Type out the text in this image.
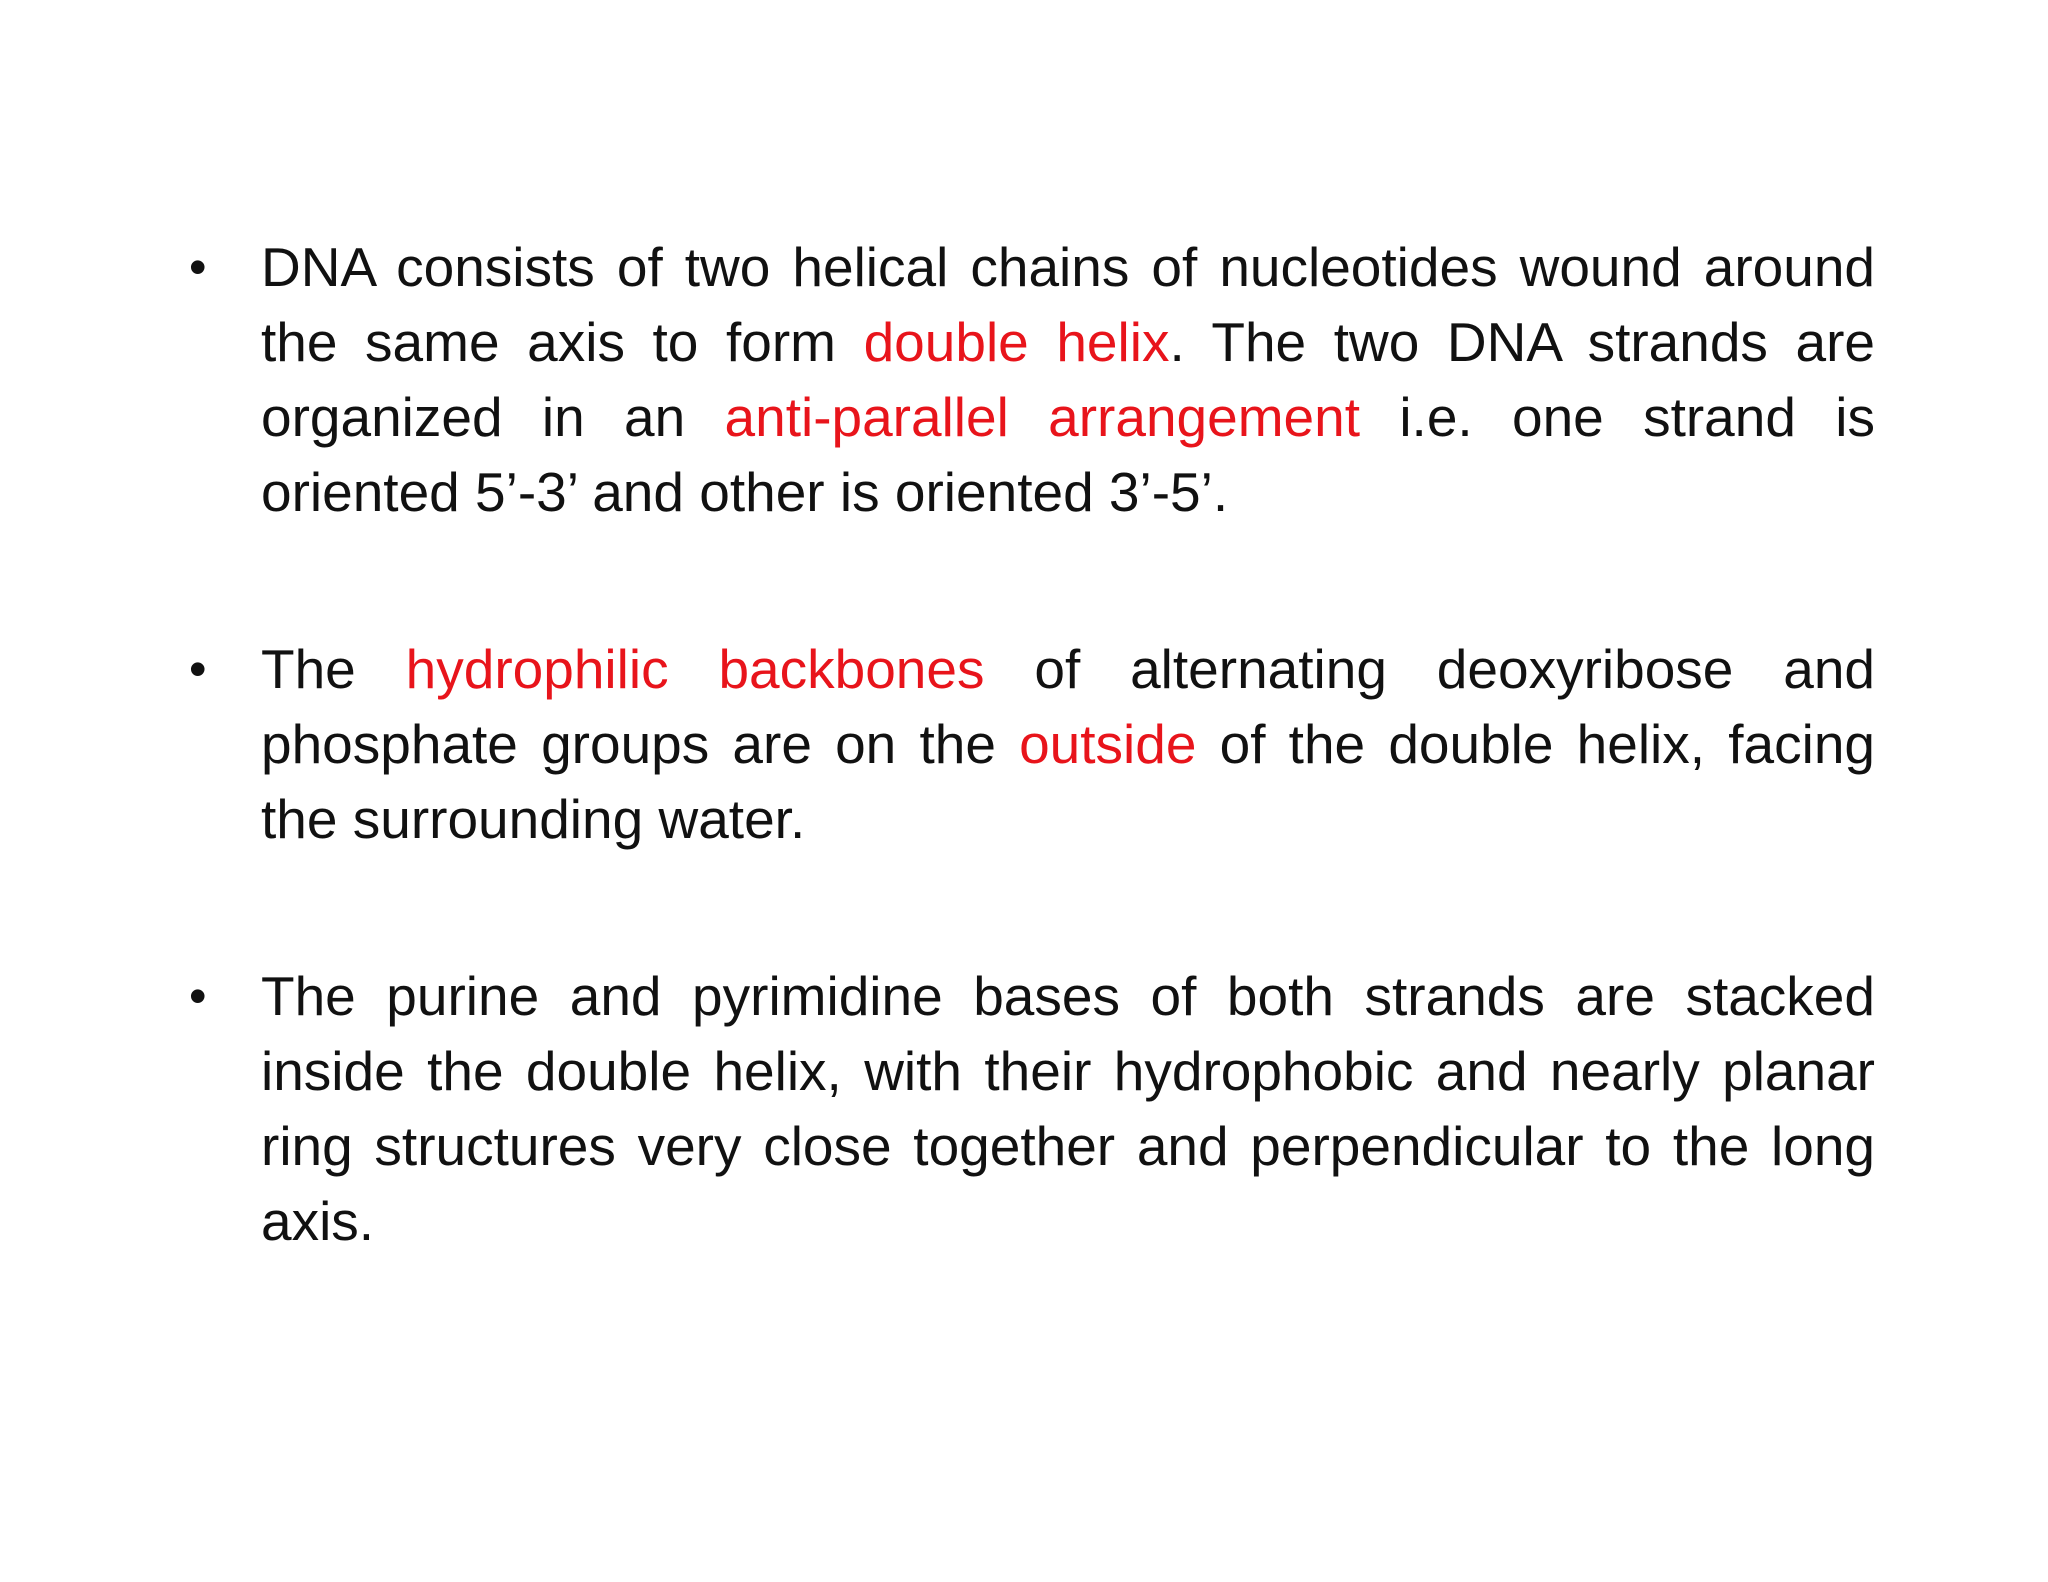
• DNA consists of two helical chains of nucleotides wound around the same axis to form double helix. The two DNA strands are organized in an anti-parallel arrangement i.e. one strand is oriented 5’-3’ and other is oriented 3’-5’.
• The hydrophilic backbones of alternating deoxyribose and phosphate groups are on the outside of the double helix, facing the surrounding water.
• The purine and pyrimidine bases of both strands are stacked inside the double helix, with their hydrophobic and nearly planar ring structures very close together and perpendicular to the long axis.
